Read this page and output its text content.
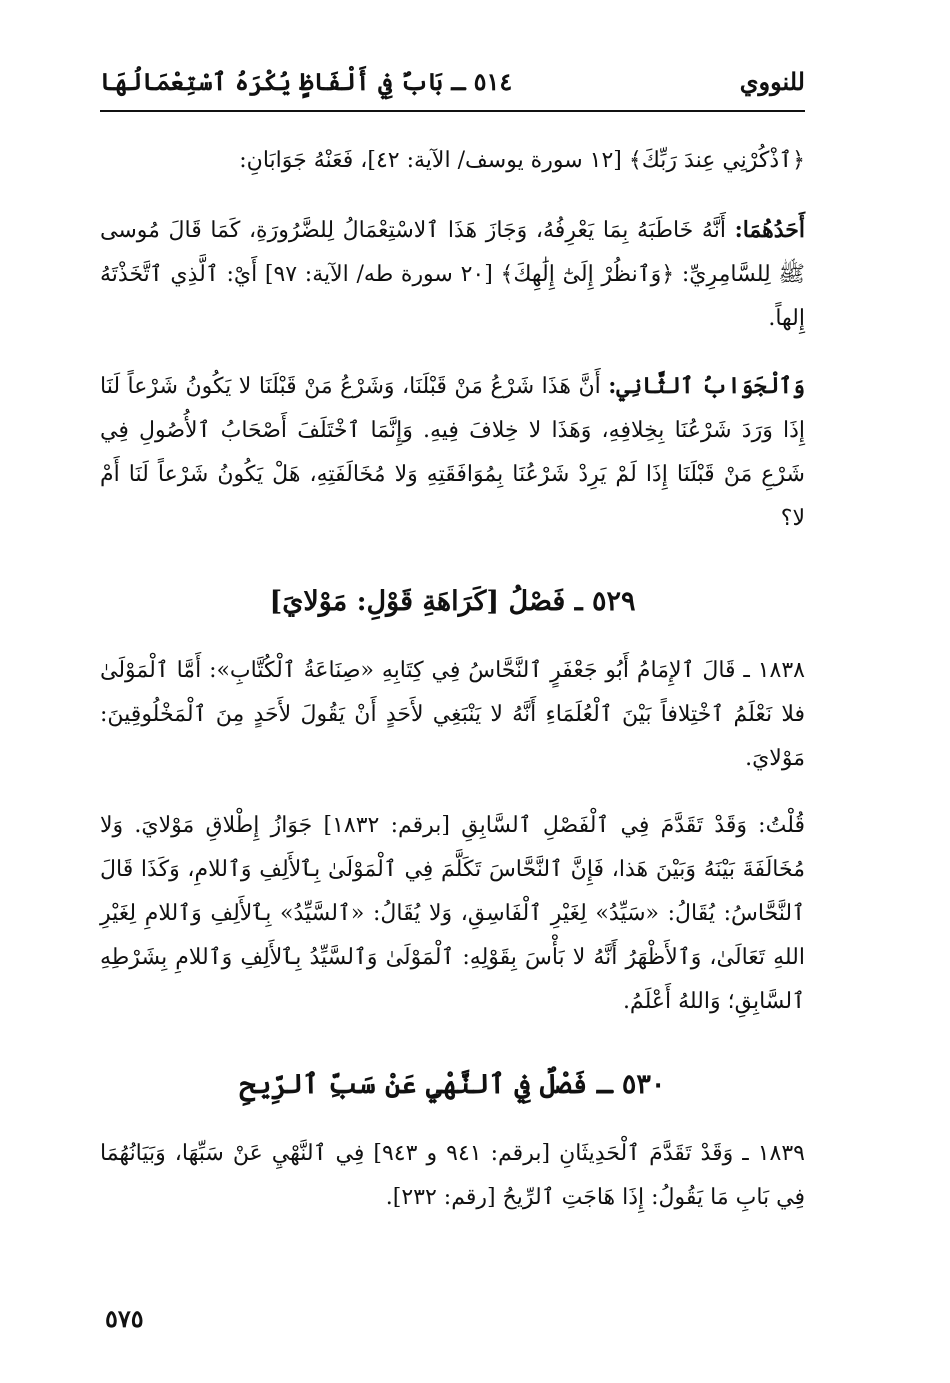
للنووي
٥١٤ ـ بَابٌ فِي أَلْفَاظٍ يُكْرَهُ ٱسْتِعْمَالُهَا

﴿ٱذْكُرْنِي عِندَ رَبِّكَ﴾ [١٢ سورة يوسف/ الآية: ٤٢]، فَعَنْهُ جَوَابَانِ:

أَحَدُهُمَا: أَنَّهُ خَاطَبَهُ بِمَا يَعْرِفُهُ، وَجَازَ هَذَا ٱلاسْتِعْمَالُ لِلضَّرُورَةِ، كَمَا قَالَ مُوسى ﷺ لِلسَّامِرِيِّ: ﴿وَٱنظُرْ إِلَىٰٓ إِلَٰهِكَ﴾ [٢٠ سورة طه/ الآية: ٩٧] أَيْ: ٱلَّذِي ٱتَّخَذْتَهُ إِلهاً.

وَٱلْجَوَابُ ٱلثَّانِي: أَنَّ هَذَا شَرْعُ مَنْ قَبْلَنَا، وَشَرْعُ مَنْ قَبْلَنَا لا يَكُونُ شَرْعاً لَنَا إِذَا وَرَدَ شَرْعُنَا بِخِلافِهِ، وَهَذَا لا خِلافَ فِيهِ. وَإِنَّمَا ٱخْتَلَفَ أَصْحَابُ ٱلأُصُولِ فِي شَرْعِ مَنْ قَبْلَنَا إِذَا لَمْ يَرِدْ شَرْعُنَا بِمُوَافَقَتِهِ وَلا مُخَالَفَتِهِ، هَلْ يَكُونُ شَرْعاً لَنَا أَمْ لا؟

٥٢٩ ـ فَصْلُ [كَرَاهَةِ قَوْلِ: مَوْلايَ]

١٨٣٨ ـ قَالَ ٱلإِمَامُ أَبُو جَعْفَرٍ ٱلنَّحَّاسُ فِي كِتَابِهِ «صِنَاعَةُ ٱلْكُتَّابِ»: أَمَّا ٱلْمَوْلَىٰ فلا نَعْلَمُ ٱخْتِلافاً بَيْنَ ٱلْعُلَمَاءِ أَنَّهُ لا يَنْبَغِي لأَحَدٍ أَنْ يَقُولَ لأَحَدٍ مِنَ ٱلْمَخْلُوقِينَ: مَوْلايَ.

قُلْتُ: وَقَدْ تَقَدَّمَ فِي ٱلْفَصْلِ ٱلسَّابِقِ [برقم: ١٨٣٢] جَوَازُ إِطْلاقِ مَوْلايَ. وَلا مُخَالَفَةَ بَيْنَهُ وَبَيْنَ هَذا، فَإِنَّ ٱلنَّحَّاسَ تَكَلَّمَ فِي ٱلْمَوْلَىٰ بِٱلأَلِفِ وَٱللامِ، وَكَذَا قَالَ ٱلنَّحَّاسُ: يُقَالُ: «سَيِّدُ» لِغَيْرِ ٱلْفَاسِقِ، وَلا يُقَالُ: «ٱلسَّيِّدُ» بِٱلأَلِفِ وَٱللامِ لِغَيْرِ اللهِ تَعَالَىٰ، وَٱلأَظْهَرُ أَنَّهُ لا بَأْسَ بِقَوْلِهِ: ٱلْمَوْلَىٰ وَٱلسَّيِّدُ بِٱلأَلِفِ وَٱللامِ بِشَرْطِهِ ٱلسَّابِقِ؛ وَاللهُ أَعْلَمُ.

٥٣٠ ـ فَصْلٌ فِي ٱلنَّهْيِ عَنْ سَبِّ ٱلرِّيحِ

١٨٣٩ ـ وَقَدْ تَقَدَّمَ ٱلْحَدِيثَانِ [برقم: ٩٤١ و ٩٤٣] فِي ٱلنَّهْيِ عَنْ سَبِّهَا، وَبَيَانُهُمَا فِي بَابِ مَا يَقُولُ: إِذَا هَاجَتِ ٱلرِّيحُ [رقم: ٢٣٢].

٥٧٥
